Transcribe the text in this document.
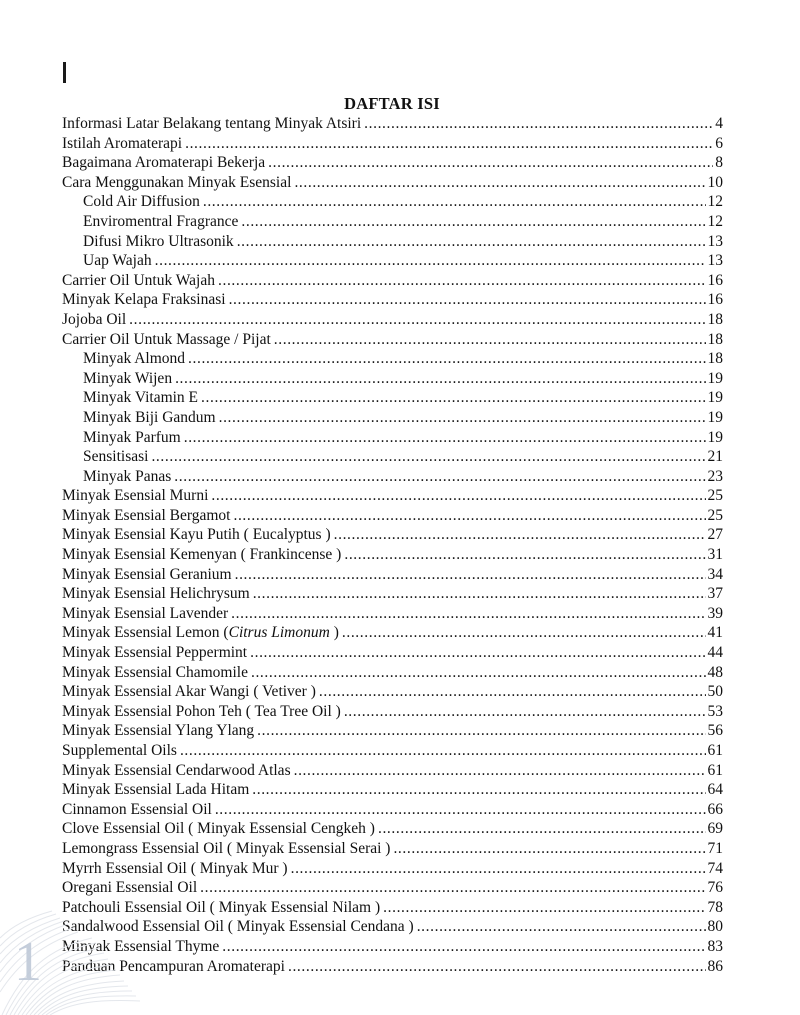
DAFTAR ISI
Informasi Latar Belakang tentang Minyak Atsiri .....	4
Istilah Aromaterapi .....	6
Bagaimana Aromaterapi Bekerja .....	8
Cara Menggunakan Minyak Esensial .....	10
Cold Air Diffusion .....	12
Enviromentral Fragrance .....	12
Difusi Mikro Ultrasonik .....	13
Uap Wajah .....	13
Carrier Oil Untuk Wajah .....	16
Minyak Kelapa Fraksinasi .....	16
Jojoba Oil .....	18
Carrier Oil Untuk Massage / Pijat .....	18
Minyak Almond .....	18
Minyak Wijen .....	19
Minyak Vitamin E .....	19
Minyak Biji Gandum .....	19
Minyak Parfum .....	19
Sensitisasi .....	21
Minyak Panas .....	23
Minyak Esensial Murni .....	25
Minyak Esensial Bergamot .....	25
Minyak Esensial Kayu Putih ( Eucalyptus ) .....	27
Minyak Esensial Kemenyan ( Frankincense ) .....	31
Minyak Esensial Geranium .....	34
Minyak Esensial Helichrysum .....	37
Minyak Esensial Lavender .....	39
Minyak Essensial Lemon (Citrus Limonum ) .....	41
Minyak Essensial Peppermint .....	44
Minyak Essensial Chamomile .....	48
Minyak Essensial Akar Wangi ( Vetiver ) .....	50
Minyak Essensial Pohon Teh ( Tea Tree Oil ) .....	53
Minyak Essensial Ylang Ylang .....	56
Supplemental Oils .....	61
Minyak Essensial Cendarwood Atlas .....	61
Minyak Essensial Lada Hitam .....	64
Cinnamon Essensial Oil .....	66
Clove Essensial Oil ( Minyak Essensial Cengkeh ) .....	69
Lemongrass Essensial Oil ( Minyak Essensial Serai ) .....	71
Myrrh Essensial Oil ( Minyak Mur ) .....	74
Oregani Essensial Oil .....	76
Patchouli Essensial Oil ( Minyak Essensial Nilam ) .....	78
Sandalwood Essensial Oil ( Minyak Essensial Cendana ) .....	80
Minyak Essensial Thyme .....	83
Panduan Pencampuran Aromaterapi .....	86
1
